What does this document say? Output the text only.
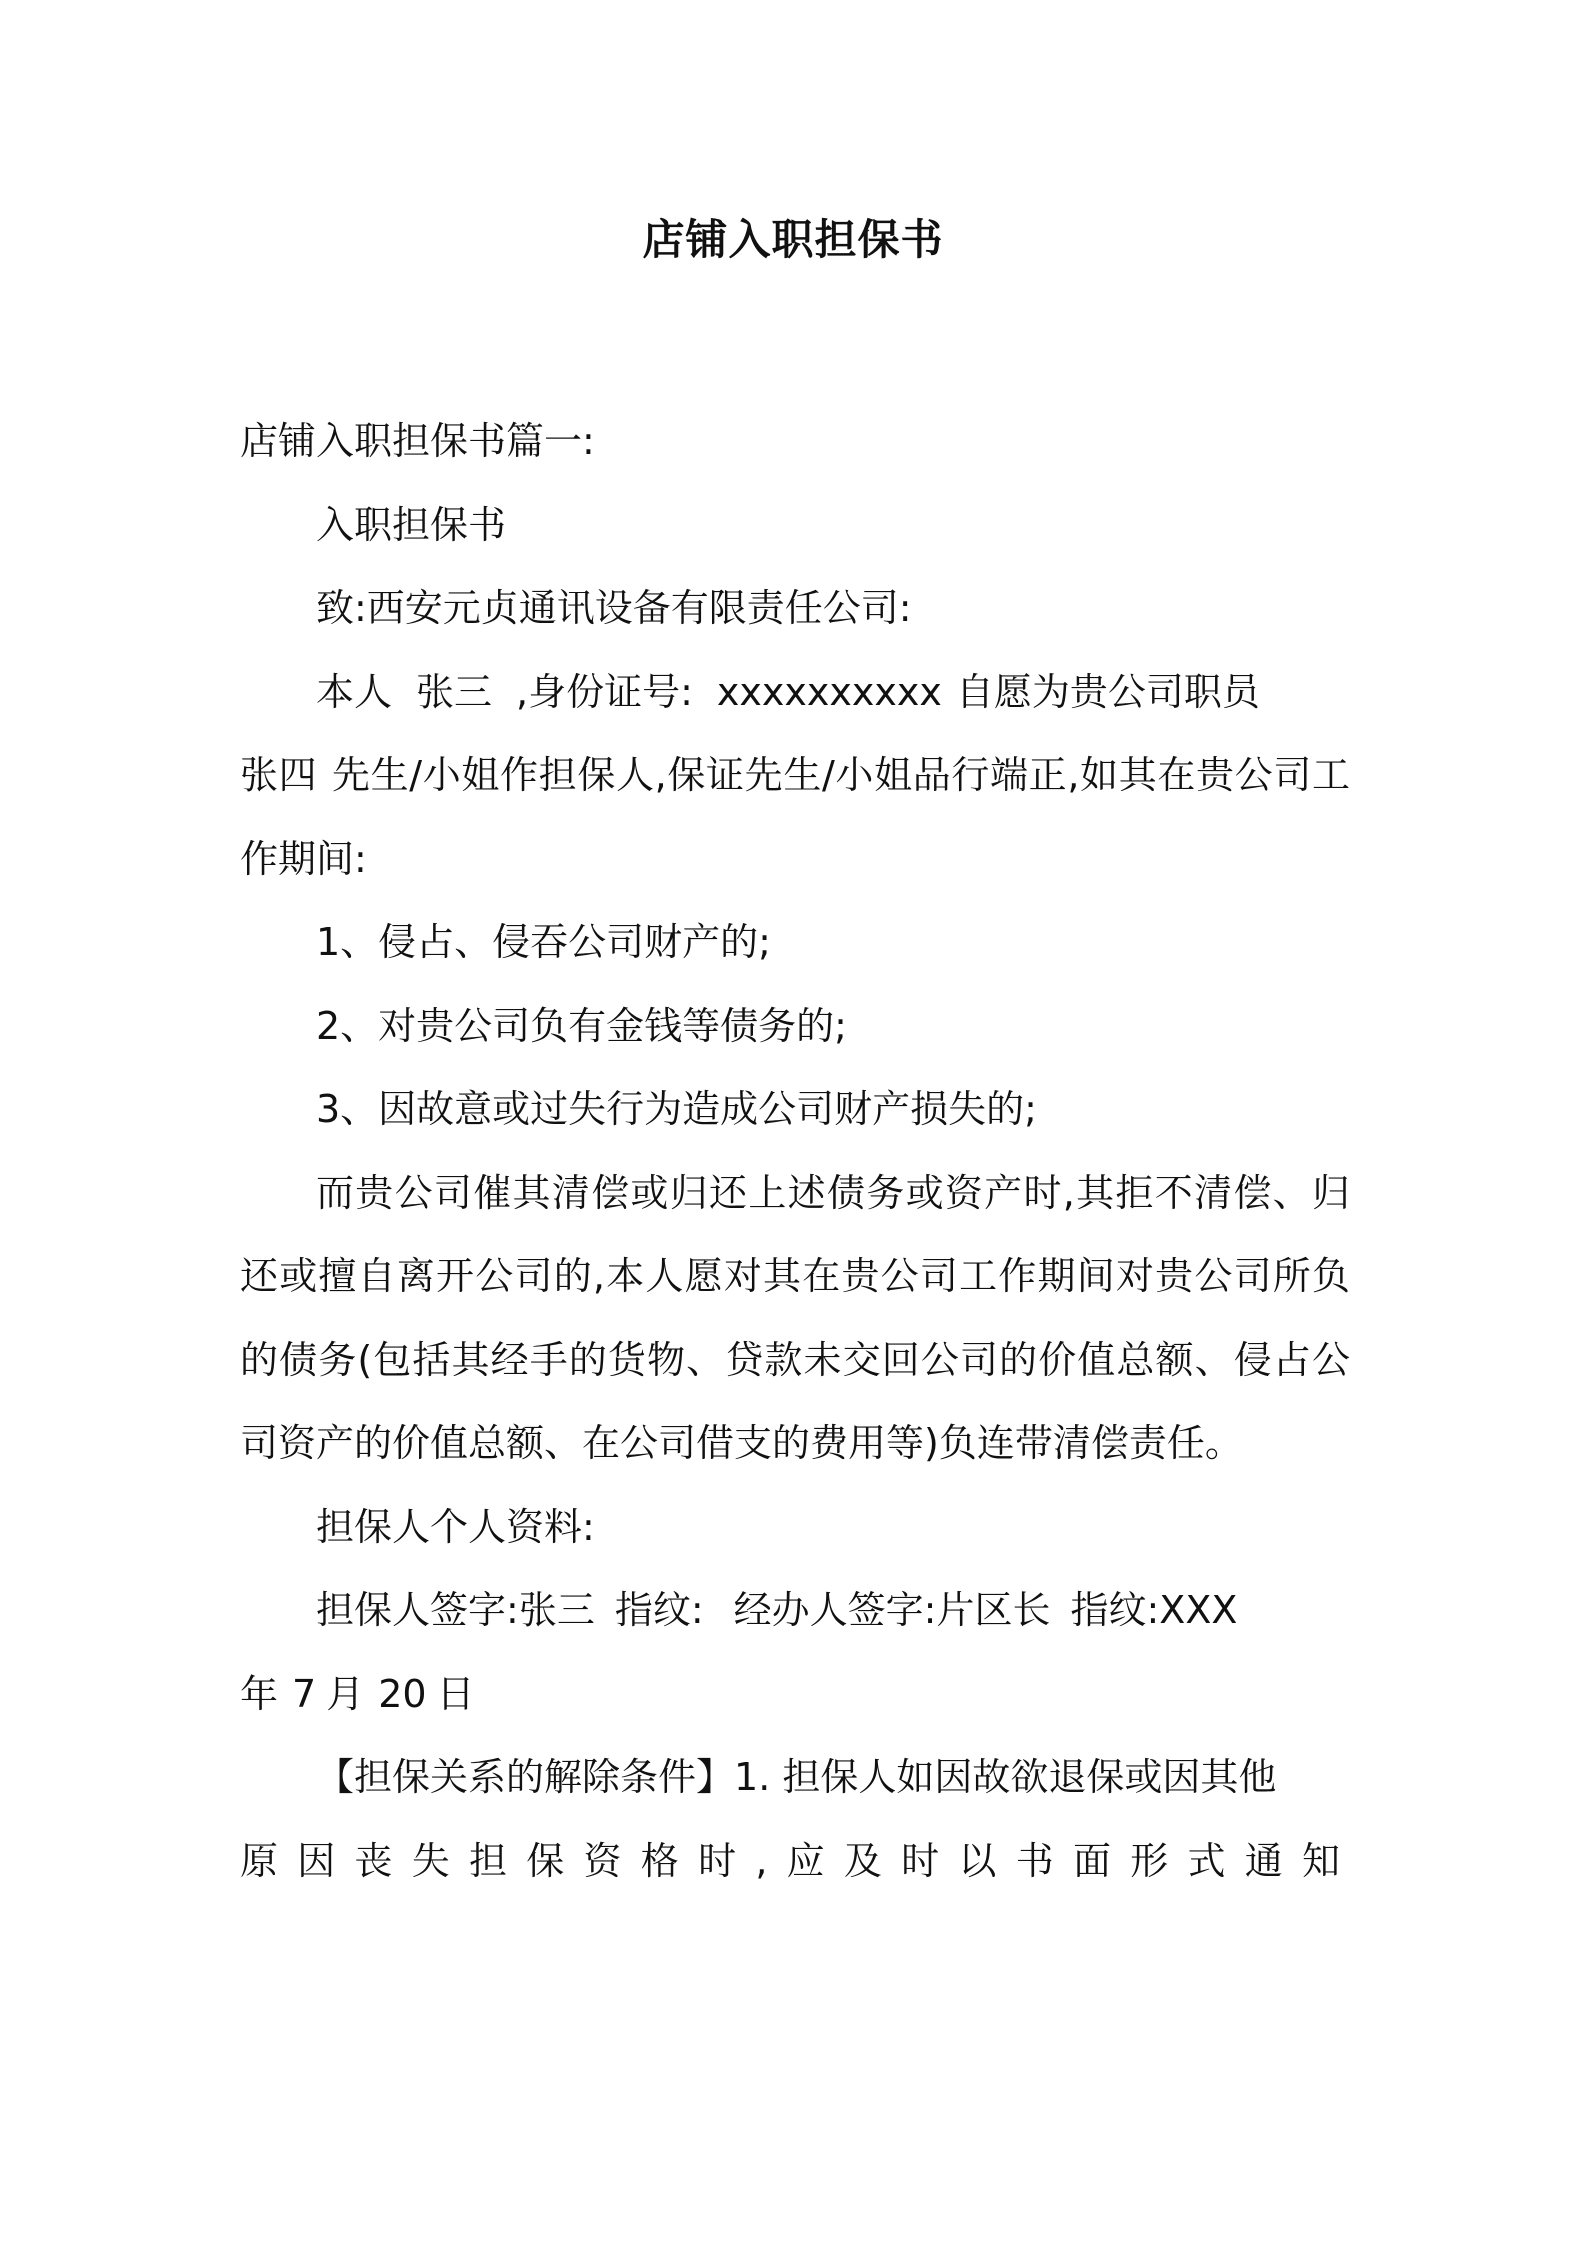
店铺入职担保书

店铺入职担保书篇一:

入职担保书

致:西安元贞通讯设备有限责任公司:

本人 张三 ,身份证号: xxxxxxxxxx 自愿为贵公司职员
张四 先生/小姐作担保人,保证先生/小姐品行端正,如其在贵公司工作期间:

1、侵占、侵吞公司财产的;

2、对贵公司负有金钱等债务的;

3、因故意或过失行为造成公司财产损失的;

而贵公司催其清偿或归还上述债务或资产时,其拒不清偿、归还或擅自离开公司的,本人愿对其在贵公司工作期间对贵公司所负的债务(包括其经手的货物、贷款未交回公司的价值总额、侵占公司资产的价值总额、在公司借支的费用等)负连带清偿责任。

担保人个人资料:

担保人签字:张三 指纹: 经办人签字:片区长 指纹:XXX
年 7 月 20 日

【担保关系的解除条件】1. 担保人如因故欲退保或因其他

原因丧失担保资格时,应及时以书面形式通知
